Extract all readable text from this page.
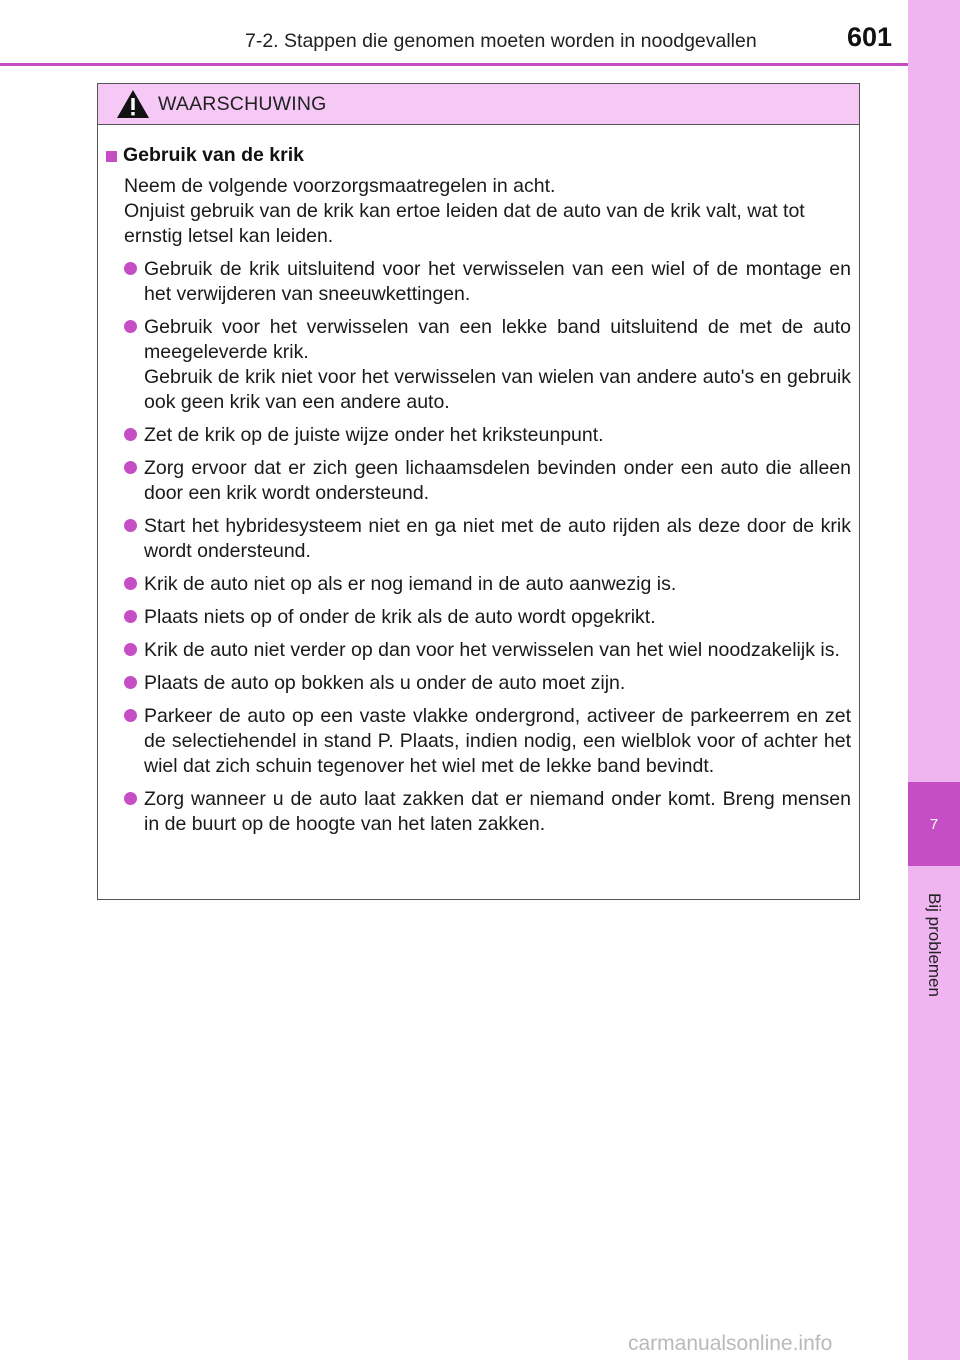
7
Bij problemen
7-2. Stappen die genomen moeten worden in noodgevallen	601
WAARSCHUWING
Gebruik van de krik

Neem de volgende voorzorgsmaatregelen in acht.

Onjuist gebruik van de krik kan ertoe leiden dat de auto van de krik valt, wat tot ernstig letsel kan leiden.

Gebruik de krik uitsluitend voor het verwisselen van een wiel of de montage en het verwijderen van sneeuwkettingen.

Gebruik voor het verwisselen van een lekke band uitsluitend de met de auto meegeleverde krik.

Gebruik de krik niet voor het verwisselen van wielen van andere auto's en gebruik ook geen krik van een andere auto.

Zet de krik op de juiste wijze onder het kriksteunpunt.

Zorg ervoor dat er zich geen lichaamsdelen bevinden onder een auto die alleen door een krik wordt ondersteund.

Start het hybridesysteem niet en ga niet met de auto rijden als deze door de krik wordt ondersteund.

Krik de auto niet op als er nog iemand in de auto aanwezig is.

Plaats niets op of onder de krik als de auto wordt opgekrikt.

Krik de auto niet verder op dan voor het verwisselen van het wiel noodzakelijk is.

Plaats de auto op bokken als u onder de auto moet zijn.

Parkeer de auto op een vaste vlakke ondergrond, activeer de parkeerrem en zet de selectiehendel in stand P. Plaats, indien nodig, een wielblok voor of achter het wiel dat zich schuin tegenover het wiel met de lekke band bevindt.

Zorg wanneer u de auto laat zakken dat er niemand onder komt. Breng mensen in de buurt op de hoogte van het laten zakken.

carmanualsonline.info
